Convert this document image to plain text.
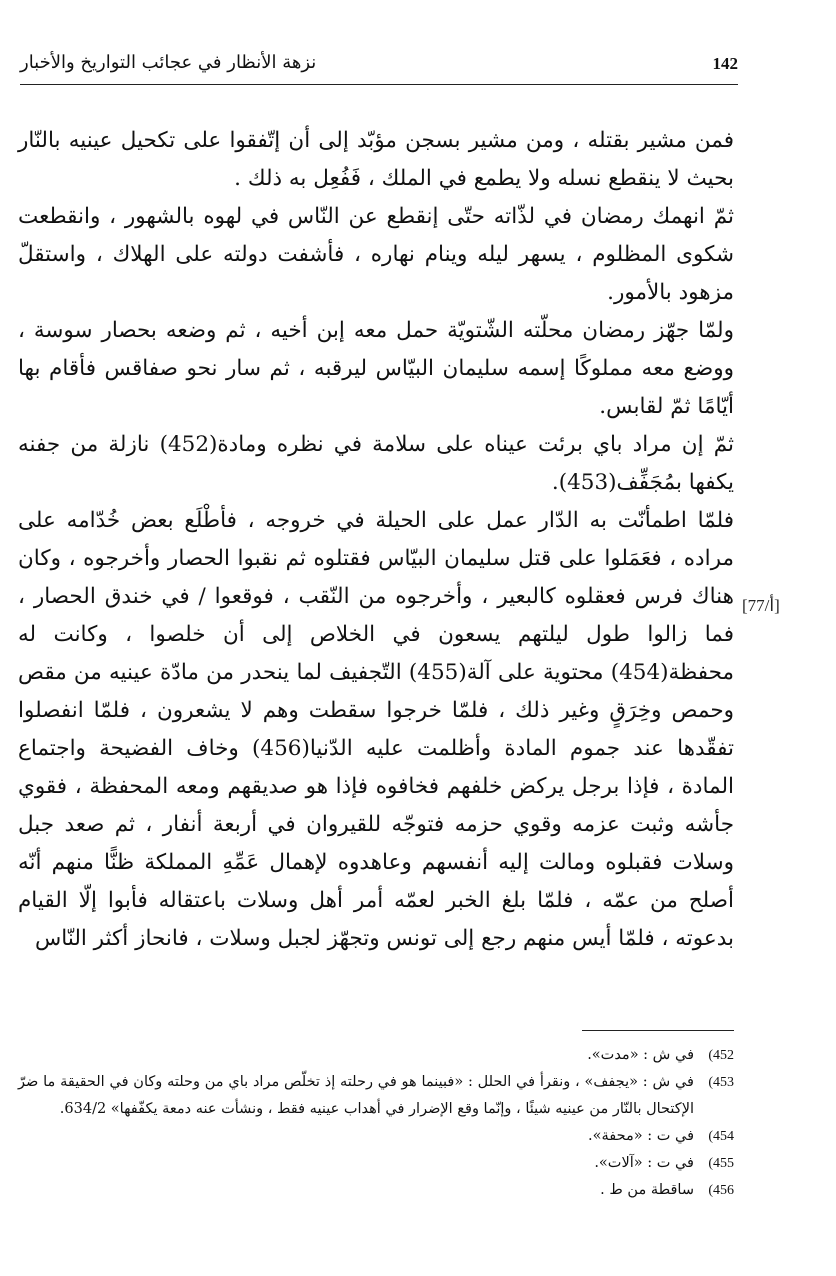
نزهة الأنظار في عجائب التواريخ والأخبار	142

فمن مشير بقتله ، ومن مشير بسجن مؤبّد إلى أن إتّفقوا على تكحيل عينيه بالنّار بحيث لا ينقطع نسله ولا يطمع في الملك ، فَفُعِل به ذلك .

ثمّ انهمك رمضان في لذّاته حتّى إنقطع عن النّاس في لهوه بالشهور ، وانقطعت شكوى المظلوم ، يسهر ليله وينام نهاره ، فأشفت دولته على الهلاك ، واستقلّ مزهود بالأمور.

ولمّا جهّز رمضان محلّته الشّتويّة حمل معه إبن أخيه ، ثم وضعه بحصار سوسة ، ووضع معه مملوكًا إسمه سليمان البيّاس ليرقبه ، ثم سار نحو صفاقس فأقام بها أيّامًا ثمّ لقابس.

ثمّ إن مراد باي برئت عيناه على سلامة في نظره ومادة(452) نازلة من جفنه يكفها بمُجَفِّف(453).

فلمّا اطمأنّت به الدّار عمل على الحيلة في خروجه ، فأطْلَع بعض خُدّامه على مراده ، فعَمَلوا على قتل سليمان البيّاس فقتلوه ثم نقبوا الحصار وأخرجوه ، وكان هناك فرس فعقلوه كالبعير ، وأخرجوه من النّقب ، فوقعوا / في خندق الحصار ، فما زالوا طول ليلتهم يسعون في الخلاص إلى أن خلصوا ، وكانت له محفظة(454) محتوية على آلة(455) التّجفيف لما ينحدر من مادّة عينيه من مقص وحمص وخِرَقٍ وغير ذلك ، فلمّا خرجوا سقطت وهم لا يشعرون ، فلمّا انفصلوا تفقّدها عند جموم المادة وأظلمت عليه الدّنيا(456) وخاف الفضيحة واجتماع المادة ، فإذا برجل يركض خلفهم فخافوه فإذا هو صديقهم ومعه المحفظة ، فقوي جأشه وثبت عزمه وقوي حزمه فتوجّه للقيروان في أربعة أنفار ، ثم صعد جبل وسلات فقبلوه ومالت إليه أنفسهم وعاهدوه لإهمال عَمِّهِ المملكة ظنًّا منهم أنّه أصلح من عمّه ، فلمّا بلغ الخبر لعمّه أمر أهل وسلات باعتقاله فأبوا إلّا القيام بدعوته ، فلمّا أيس منهم رجع إلى تونس وتجهّز لجبل وسلات ، فانحاز أكثر النّاس

[77/أ]
452)
في ش : «مدت».
453)
في ش : «يجفف» ، ونقرأ في الحلل : «فبينما هو في رحلته إذ تخلّص مراد باي من وحلته وكان في الحقيقة ما ضرّ الإكتحال بالنّار من عينيه شيئًا ، وإنّما وقع الإضرار في أهداب عينيه فقط ، ونشأت عنه دمعة يكفّفها» 634/2.
454)
في ت : «محفة».
455)
في ت : «آلات».
456)
ساقطة من ط .
